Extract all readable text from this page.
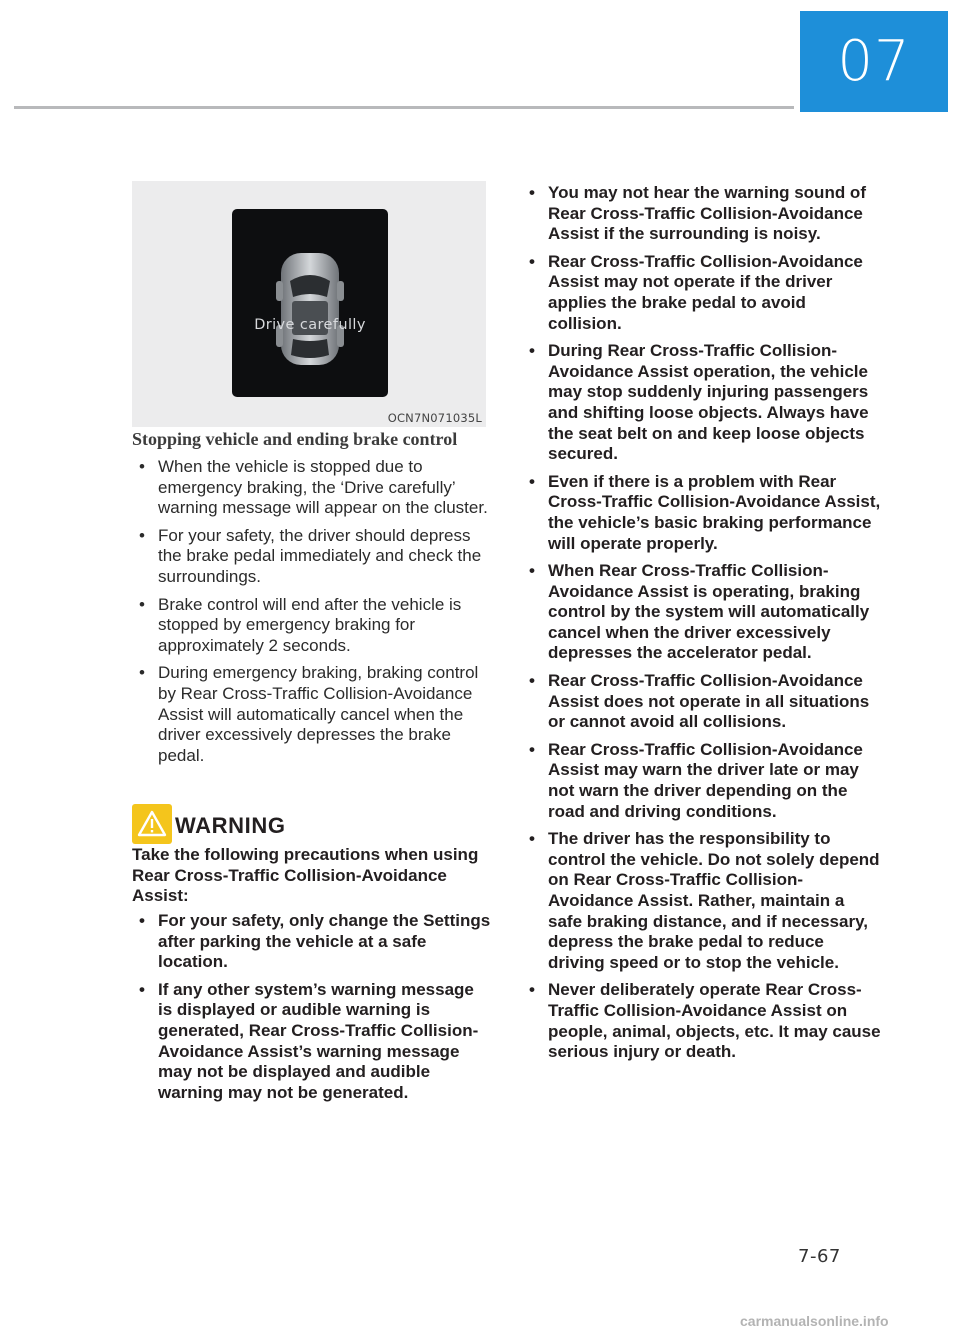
07
Drive carefully
OCN7N071035L
Stopping vehicle and ending brake control
• When the vehicle is stopped due to emergency braking, the ‘Drive carefully’ warning message will appear on the cluster.
• For your safety, the driver should depress the brake pedal immediately and check the surroundings.
• Brake control will end after the vehicle is stopped by emergency braking for approximately 2 seconds.
• During emergency braking, braking control by Rear Cross-Traffic Collision-Avoidance Assist will automatically cancel when the driver excessively depresses the brake pedal.
WARNING
Take the following precautions when using Rear Cross-Traffic Collision-Avoidance Assist:
• For your safety, only change the Settings after parking the vehicle at a safe location.
• If any other system’s warning message is displayed or audible warning is generated, Rear Cross-Traffic Collision-Avoidance Assist’s warning message may not be displayed and audible warning may not be generated.
• You may not hear the warning sound of Rear Cross-Traffic Collision-Avoidance Assist if the surrounding is noisy.
• Rear Cross-Traffic Collision-Avoidance Assist may not operate if the driver applies the brake pedal to avoid collision.
• During Rear Cross-Traffic Collision-Avoidance Assist operation, the vehicle may stop suddenly injuring passengers and shifting loose objects. Always have the seat belt on and keep loose objects secured.
• Even if there is a problem with Rear Cross-Traffic Collision-Avoidance Assist, the vehicle’s basic braking performance will operate properly.
• When Rear Cross-Traffic Collision-Avoidance Assist is operating, braking control by the system will automatically cancel when the driver excessively depresses the accelerator pedal.
• Rear Cross-Traffic Collision-Avoidance Assist does not operate in all situations or cannot avoid all collisions.
• Rear Cross-Traffic Collision-Avoidance Assist may warn the driver late or may not warn the driver depending on the road and driving conditions.
• The driver has the responsibility to control the vehicle. Do not solely depend on Rear Cross-Traffic Collision-Avoidance Assist. Rather, maintain a safe braking distance, and if necessary, depress the brake pedal to reduce driving speed or to stop the vehicle.
• Never deliberately operate Rear Cross-Traffic Collision-Avoidance Assist on people, animal, objects, etc. It may cause serious injury or death.
7-67
carmanualsonline.info
